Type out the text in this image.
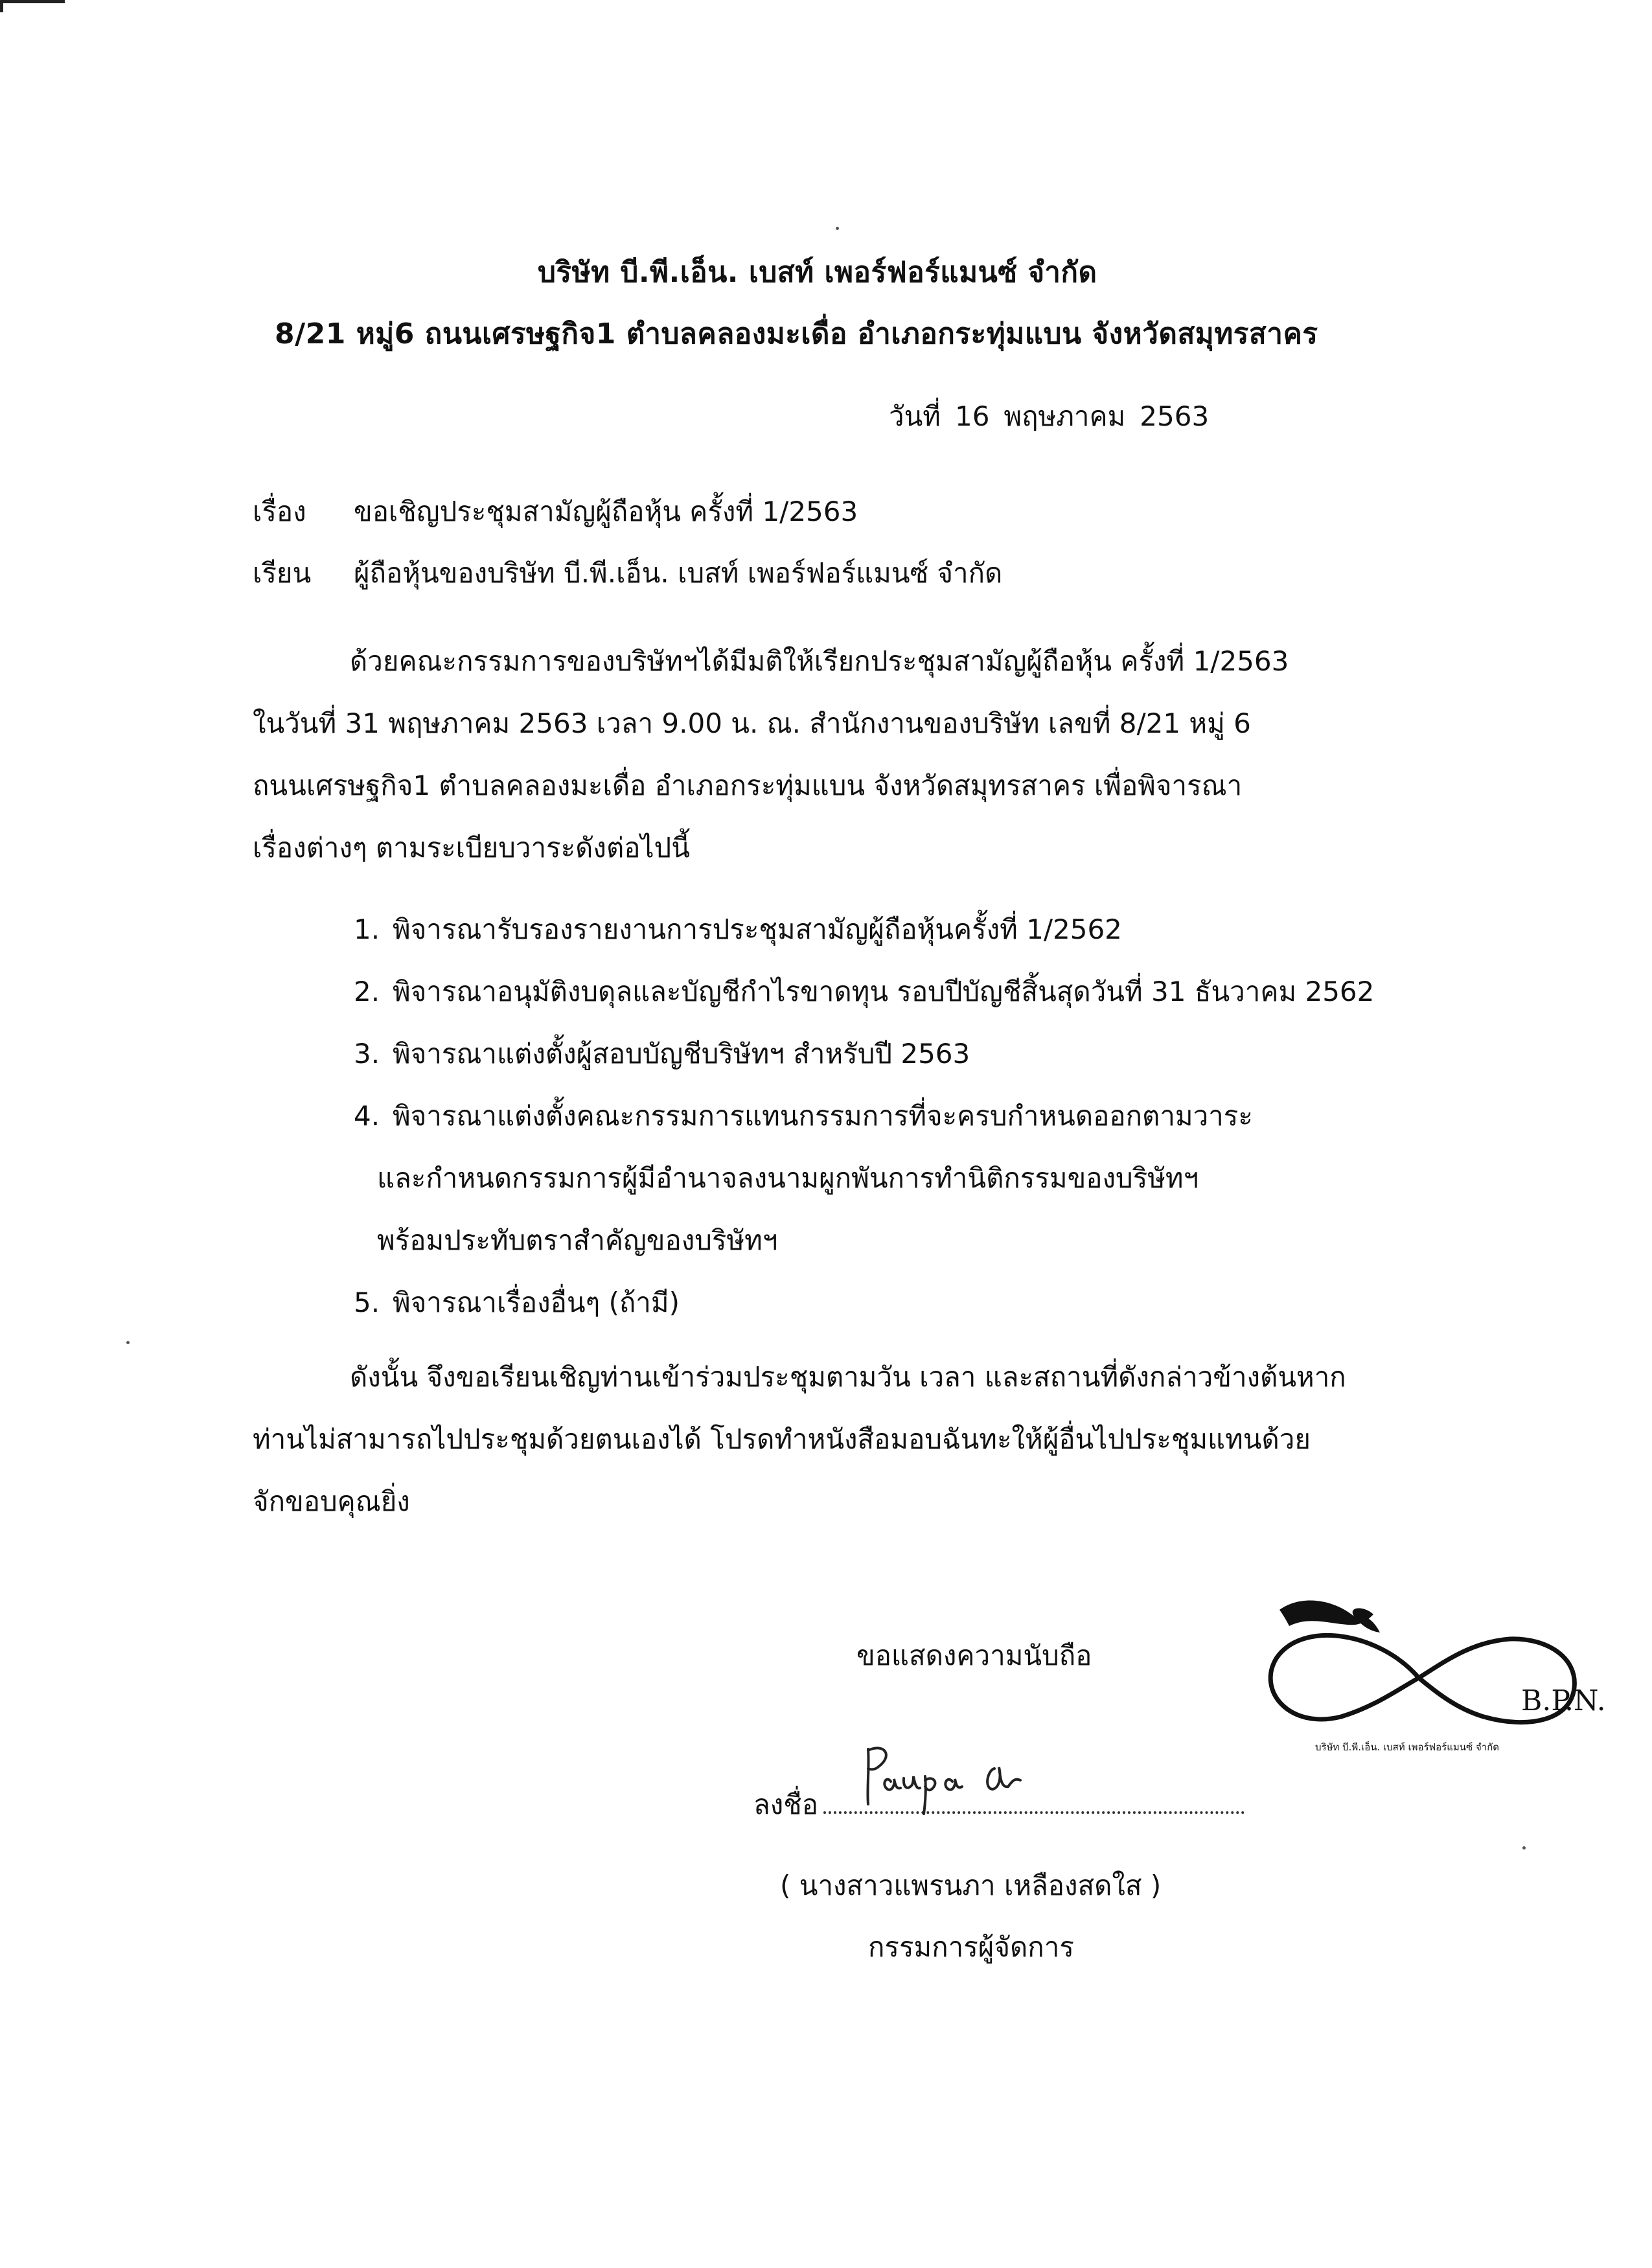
บริษัท บี.พี.เอ็น. เบสท์ เพอร์ฟอร์แมนซ์ จำกัด
8/21 หมู่6 ถนนเศรษฐกิจ1 ตำบลคลองมะเดื่อ อำเภอกระทุ่มแบน จังหวัดสมุทรสาคร
วันที่ 16 พฤษภาคม 2563
เรื่อง ขอเชิญประชุมสามัญผู้ถือหุ้น ครั้งที่ 1/2563
เรียน ผู้ถือหุ้นของบริษัท บี.พี.เอ็น. เบสท์ เพอร์ฟอร์แมนซ์ จำกัด
ด้วยคณะกรรมการของบริษัทฯได้มีมติให้เรียกประชุมสามัญผู้ถือหุ้น ครั้งที่ 1/2563
ในวันที่ 31 พฤษภาคม 2563 เวลา 9.00 น. ณ. สำนักงานของบริษัท เลขที่ 8/21 หมู่ 6
ถนนเศรษฐกิจ1 ตำบลคลองมะเดื่อ อำเภอกระทุ่มแบน จังหวัดสมุทรสาคร เพื่อพิจารณา
เรื่องต่างๆ ตามระเบียบวาระดังต่อไปนี้
1. พิจารณารับรองรายงานการประชุมสามัญผู้ถือหุ้นครั้งที่ 1/2562
2. พิจารณาอนุมัติงบดุลและบัญชีกำไรขาดทุน รอบปีบัญชีสิ้นสุดวันที่ 31 ธันวาคม 2562
3. พิจารณาแต่งตั้งผู้สอบบัญชีบริษัทฯ สำหรับปี 2563
4. พิจารณาแต่งตั้งคณะกรรมการแทนกรรมการที่จะครบกำหนดออกตามวาระ
และกำหนดกรรมการผู้มีอำนาจลงนามผูกพันการทำนิติกรรมของบริษัทฯ
พร้อมประทับตราสำคัญของบริษัทฯ
5. พิจารณาเรื่องอื่นๆ (ถ้ามี)
ดังนั้น จึงขอเรียนเชิญท่านเข้าร่วมประชุมตามวัน เวลา และสถานที่ดังกล่าวข้างต้นหาก
ท่านไม่สามารถไปประชุมด้วยตนเองได้ โปรดทำหนังสือมอบฉันทะให้ผู้อื่นไปประชุมแทนด้วย
จักขอบคุณยิ่ง
ขอแสดงความนับถือ
ลงชื่อ
( นางสาวแพรนภา เหลืองสดใส )
กรรมการผู้จัดการ
B.P.N.
บริษัท บี.พี.เอ็น. เบสท์ เพอร์ฟอร์แมนซ์ จำกัด
